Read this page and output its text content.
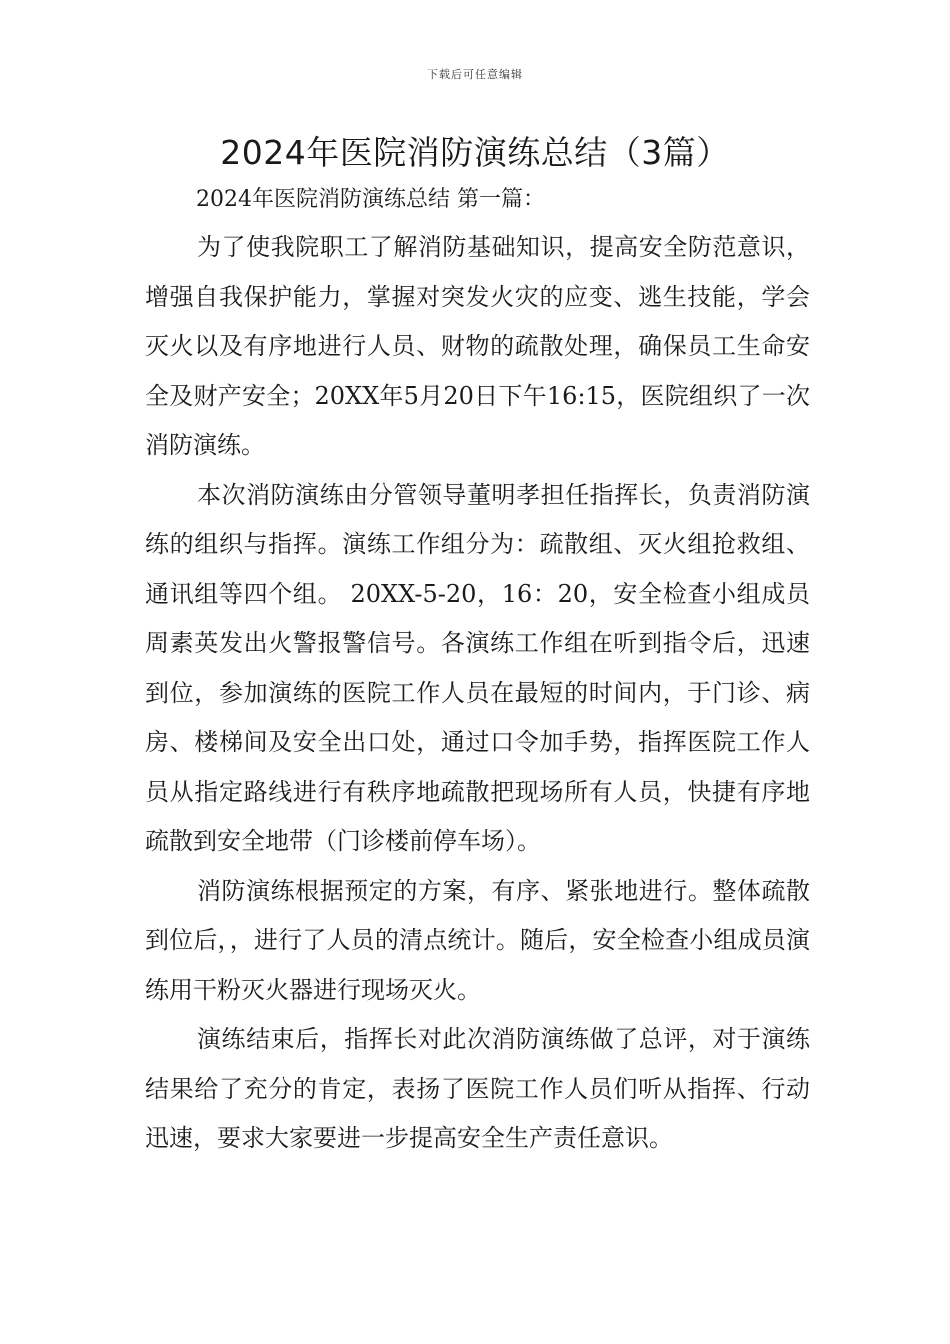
下载后可任意编辑
2024年医院消防演练总结（3篇）

2024年医院消防演练总结 第一篇：

为了使我院职工了解消防基础知识，提高安全防范意识，增强自我保护能力，掌握对突发火灾的应变、逃生技能，学会灭火以及有序地进行人员、财物的疏散处理，确保员工生命安全及财产安全；20XX年5月20日下午16:15，医院组织了一次消防演练。

本次消防演练由分管领导董明孝担任指挥长，负责消防演练的组织与指挥。演练工作组分为：疏散组、灭火组抢救组、通讯组等四个组。 20XX-5-20，16：20，安全检查小组成员周素英发出火警报警信号。各演练工作组在听到指令后，迅速到位，参加演练的医院工作人员在最短的时间内，于门诊、病房、楼梯间及安全出口处，通过口令加手势，指挥医院工作人员从指定路线进行有秩序地疏散把现场所有人员，快捷有序地疏散到安全地带（门诊楼前停车场）。

消防演练根据预定的方案，有序、紧张地进行。整体疏散到位后，，进行了人员的清点统计。随后，安全检查小组成员演练用干粉灭火器进行现场灭火。

演练结束后，指挥长对此次消防演练做了总评，对于演练结果给了充分的肯定，表扬了医院工作人员们听从指挥、行动迅速，要求大家要进一步提高安全生产责任意识。
